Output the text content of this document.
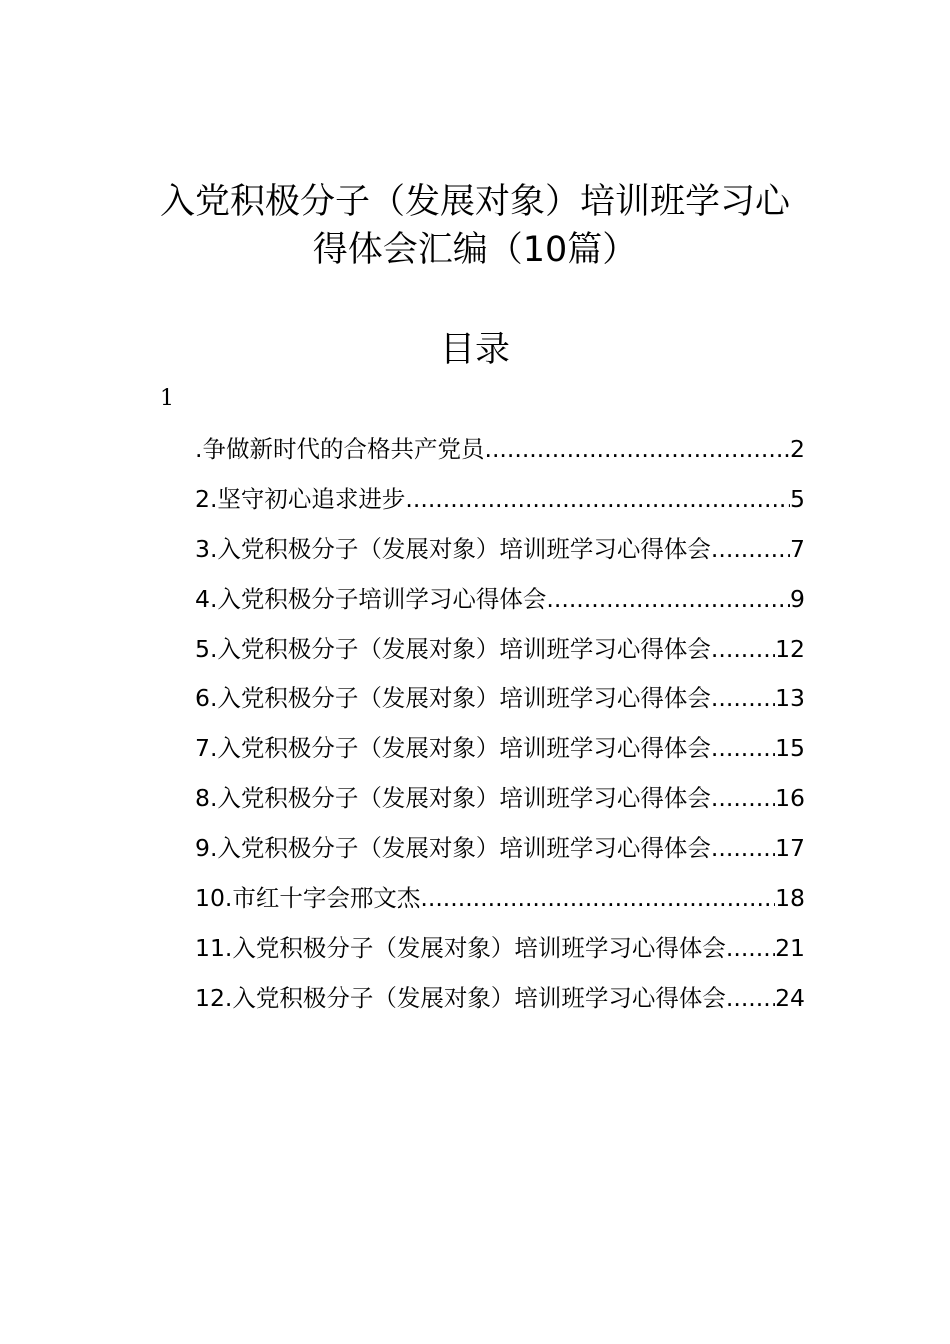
入党积极分子（发展对象）培训班学习心
得体会汇编（10篇）
目录
1
.争做新时代的合格共产党员 .....	2
2.坚守初心追求进步 .....	5
3.入党积极分子（发展对象）培训班学习心得体会 .....	7
4.入党积极分子培训学习心得体会 .....	9
5.入党积极分子（发展对象）培训班学习心得体会 .....	12
6.入党积极分子（发展对象）培训班学习心得体会 .....	13
7.入党积极分子（发展对象）培训班学习心得体会 .....	15
8.入党积极分子（发展对象）培训班学习心得体会 .....	16
9.入党积极分子（发展对象）培训班学习心得体会 .....	17
10.市红十字会邢文杰 .....	18
11.入党积极分子（发展对象）培训班学习心得体会 ..... 21
12.入党积极分子（发展对象）培训班学习心得体会 ..... 24
